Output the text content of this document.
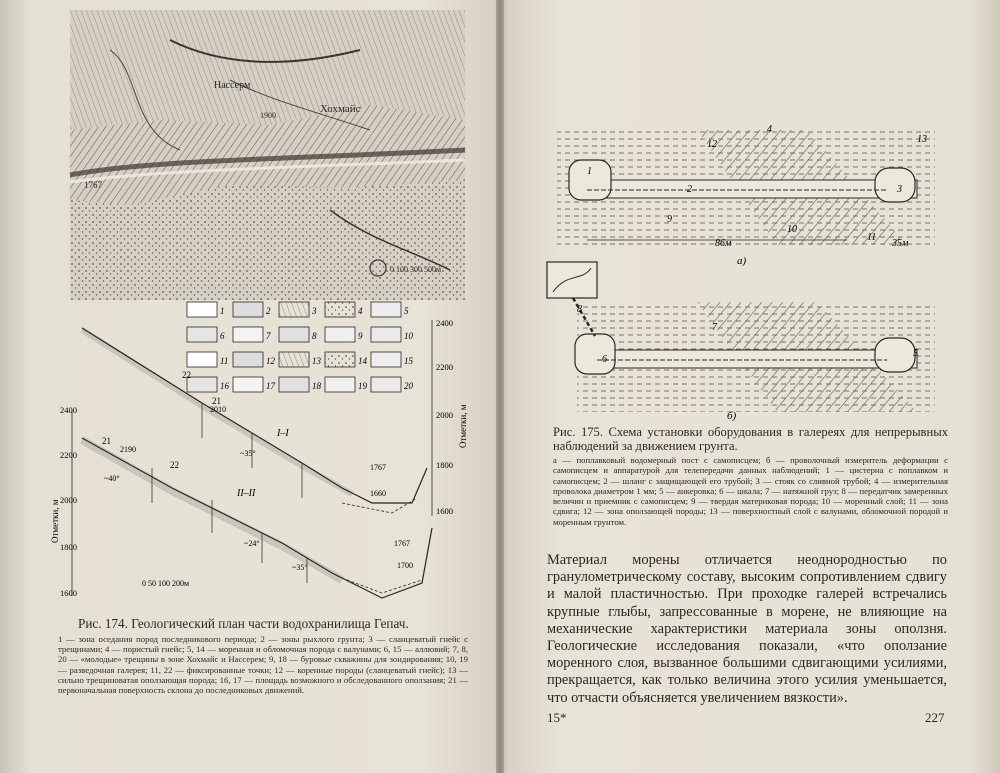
Нассерм
Хохмайс
1767
1900
0 100 300 500м
1	2	3	4	5
6	7	8	9	10
11	12	13	14	15
16	17	18	19	20
2400
2200
2000
1800
1600
2400
2200
2000
1800
1600
Отметки, м
Отметки, м
I–I
II–II
2010
2190
1767
1660
1767
1700
~35°
~40°
~24°
~35°
22
21
21
22
0 50 100 200м
Рис. 174. Геологический план части водохранилища Гепач.
1 — зона оседания пород последникового периода; 2 — зоны рыхлого грунта; 3 — сланцеватый гнейс с трещинами; 4 — пористый гнейс; 5, 14 — моренная и обломочная порода с валунами; 6, 15 — аллювий; 7, 8, 20 — «молодые» трещины в зоне Хохмайс и Нассерем; 9, 18 — буровые скважины для зондирования; 10, 19 — разведочная галерея; 11, 22 — фиксированные точки; 12 — коренные породы (сланцеватый гнейс); 13 — сильно трещиноватая оползающая порода; 16, 17 — площадь возможного и обследованного оползания; 21 — первоначальная поверхность склона до последниковых движений.
86м	35м
а)
б)
1
2	3
4
5
6
7
8
9
10
11
12	13
Рис. 175. Схема установки оборудования в галереях для непрерывных наблюдений за движением грунта.
а — поплавковый водомерный пост с самописцем; б — проволочный измеритель деформации с самописцем и аппаратурой для телепередачи данных наблюдений; 1 — цистерна с поплавком и самописцем; 2 — шланг с защищающей его трубой; 3 — стояк со сливной трубой; 4 — измерительная проволока диаметром 1 мм; 5 — анкеровка; 6 — шкала; 7 — натяжной груз; 8 — передатчик замеренных величин и приемник с самописцем; 9 — твердая материковая порода; 10 — моренный слой; 11 — зона сдвига; 12 — зона оползающей породы; 13 — поверхностный слой с валунами, обломочной породой и моренным грунтом.
Материал морены отличается неоднородностью по гранулометрическому составу, высоким сопротивлением сдвигу и малой пластичностью. При проходке галерей встречались крупные глыбы, запрессованные в морене, не влияющие на механические характеристики материала зоны оползня. Геологические исследования показали, «что оползание моренного слоя, вызванное большими сдвигающими усилиями, прекращается, как только величина этого усилия уменьшается, что отчасти объясняется увеличением вязкости».
15*	227
